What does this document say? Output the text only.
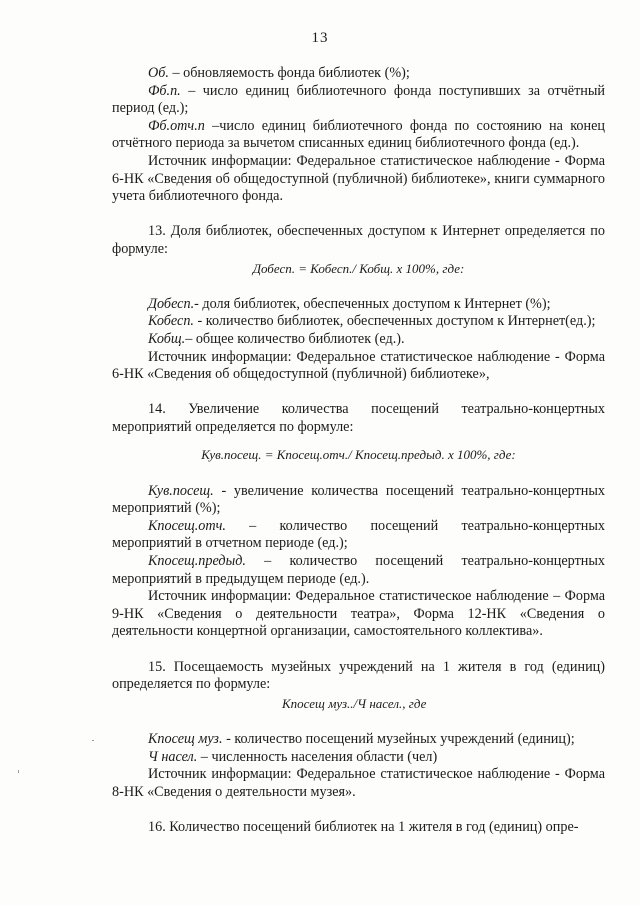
13

Об. – обновляемость фонда библиотек (%);

Фб.п. – число единиц библиотечного фонда поступивших за отчётный период (ед.);

Фб.отч.п –число единиц библиотечного фонда по состоянию на конец отчётного периода за вычетом списанных единиц библиотечного фонда (ед.).

Источник информации: Федеральное статистическое наблюдение - Форма 6-НК «Сведения об общедоступной (публичной) библиотеке», книги суммарного учета библиотечного фонда.

13. Доля библиотек, обеспеченных доступом к Интернет определяется по формуле:

Добесп. = Кобесп./ Кобщ. х 100%, где:

Добесп.- доля библиотек, обеспеченных доступом к Интернет (%);

Кобесп. - количество библиотек, обеспеченных доступом к Интернет(ед.);

Кобщ.– общее количество библиотек (ед.).

Источник информации: Федеральное статистическое наблюдение - Форма 6-НК «Сведения об общедоступной (публичной) библиотеке»,

14. Увеличение количества посещений театрально-концертных мероприятий определяется по формуле:

Кув.посещ. = Кпосещ.отч./ Кпосещ.предыд. х 100%, где:

Кув.посещ. - увеличение количества посещений театрально-концертных мероприятий (%);

Кпосещ.отч. – количество посещений театрально-концертных мероприятий в отчетном периоде (ед.);

Кпосещ.предыд. – количество посещений театрально-концертных мероприятий в предыдущем периоде (ед.).

Источник информации: Федеральное статистическое наблюдение – Форма 9-НК «Сведения о деятельности театра», Форма 12-НК «Сведения о деятельности концертной организации, самостоятельного коллектива».

15. Посещаемость музейных учреждений на 1 жителя в год (единиц) определяется по формуле:

Кпосещ муз../Ч насел., где

Кпосещ муз. - количество посещений музейных учреждений (единиц);

Ч насел. – численность населения области (чел)

Источник информации: Федеральное статистическое наблюдение - Форма 8-НК «Сведения о деятельности музея».

16. Количество посещений библиотек на 1 жителя в год (единиц) опре-
